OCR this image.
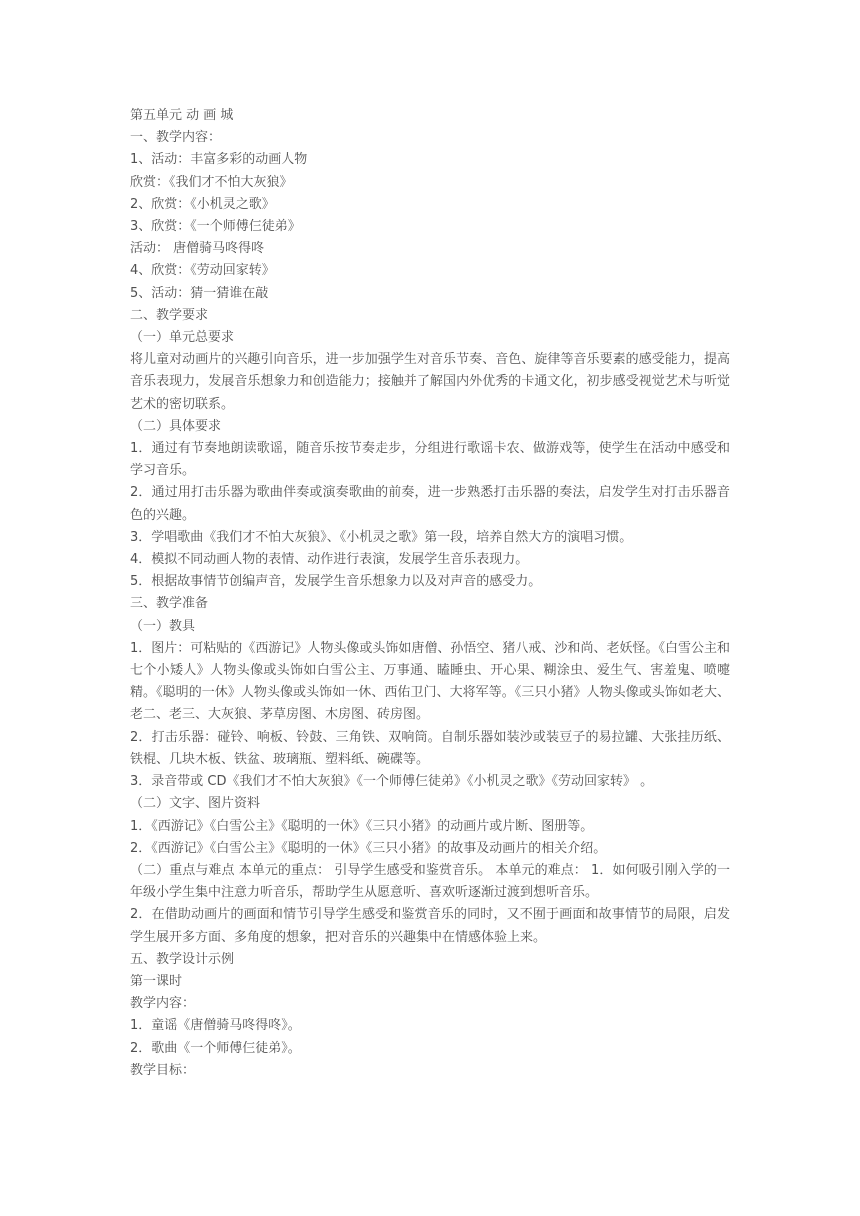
第五单元 动 画 城
一、教学内容：
1、活动：丰富多彩的动画人物
欣赏：《我们才不怕大灰狼》
2、欣赏：《小机灵之歌》
3、欣赏：《一个师傅仨徒弟》
活动： 唐僧骑马咚得咚
4、欣赏：《劳动回家转》
5、活动：猜一猜谁在敲
二、教学要求
（一）单元总要求
将儿童对动画片的兴趣引向音乐，进一步加强学生对音乐节奏、音色、旋律等音乐要素的感受能力，提高音乐表现力，发展音乐想象力和创造能力；接触并了解国内外优秀的卡通文化，初步感受视觉艺术与听觉艺术的密切联系。
（二）具体要求
1．通过有节奏地朗读歌谣，随音乐按节奏走步，分组进行歌谣卡农、做游戏等，使学生在活动中感受和学习音乐。
2．通过用打击乐器为歌曲伴奏或演奏歌曲的前奏，进一步熟悉打击乐器的奏法，启发学生对打击乐器音色的兴趣。
3．学唱歌曲《我们才不怕大灰狼》、《小机灵之歌》第一段，培养自然大方的演唱习惯。
4．模拟不同动画人物的表情、动作进行表演，发展学生音乐表现力。
5．根据故事情节创编声音，发展学生音乐想象力以及对声音的感受力。
三、教学准备
（一）教具
1．图片：可粘贴的《西游记》人物头像或头饰如唐僧、孙悟空、猪八戒、沙和尚、老妖怪。《白雪公主和七个小矮人》人物头像或头饰如白雪公主、万事通、瞌睡虫、开心果、糊涂虫、爱生气、害羞鬼、喷嚏精。《聪明的一休》人物头像或头饰如一休、西佑卫门、大将军等。《三只小猪》人物头像或头饰如老大、老二、老三、大灰狼、茅草房图、木房图、砖房图。
2．打击乐器：碰铃、响板、铃鼓、三角铁、双响筒。自制乐器如装沙或装豆子的易拉罐、大张挂历纸、铁棍、几块木板、铁盆、玻璃瓶、塑料纸、碗碟等。
3．录音带或 CD《我们才不怕大灰狼》《一个师傅仨徒弟》《小机灵之歌》《劳动回家转》 。
（二）文字、图片资料
1．《西游记》《白雪公主》《聪明的一休》《三只小猪》的动画片或片断、图册等。
2．《西游记》《白雪公主》《聪明的一休》《三只小猪》的故事及动画片的相关介绍。
（二）重点与难点 本单元的重点： 引导学生感受和鉴赏音乐。 本单元的难点： 1．如何吸引刚入学的一年级小学生集中注意力听音乐，帮助学生从愿意听、喜欢听逐渐过渡到想听音乐。
2．在借助动画片的画面和情节引导学生感受和鉴赏音乐的同时，又不囿于画面和故事情节的局限，启发学生展开多方面、多角度的想象，把对音乐的兴趣集中在情感体验上来。
五、教学设计示例
第一课时
教学内容：
1．童谣《唐僧骑马咚得咚》。
2．歌曲《一个师傅仨徒弟》。
教学目标：
